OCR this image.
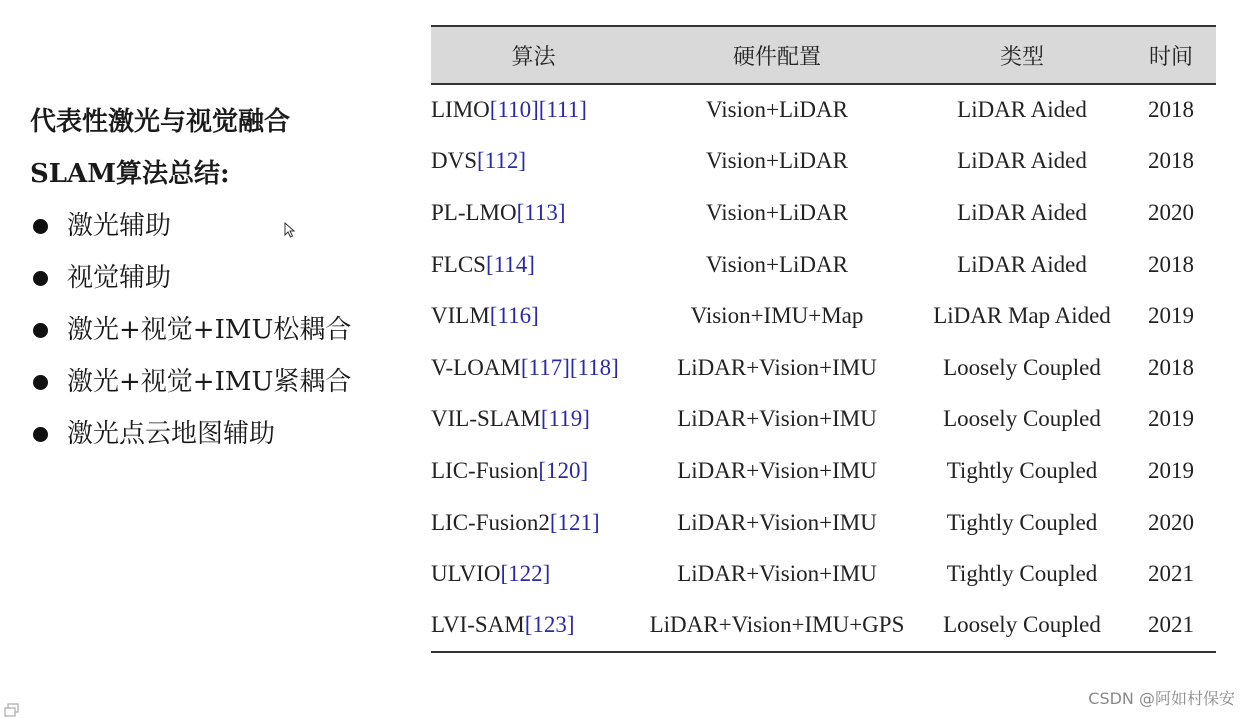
代表性激光与视觉融合

SLAM算法总结:

激光辅助
视觉辅助
激光+视觉+IMU松耦合
激光+视觉+IMU紧耦合
激光点云地图辅助
算法	硬件配置	类型	时间
LIMO[110][111]	Vision+LiDAR	LiDAR Aided	2018
DVS[112]	Vision+LiDAR	LiDAR Aided	2018
PL-LMO[113]	Vision+LiDAR	LiDAR Aided	2020
FLCS[114]	Vision+LiDAR	LiDAR Aided	2018
VILM[116]	Vision+IMU+Map	LiDAR Map Aided	2019
V-LOAM[117][118]	LiDAR+Vision+IMU	Loosely Coupled	2018
VIL-SLAM[119]	LiDAR+Vision+IMU	Loosely Coupled	2019
LIC-Fusion[120]	LiDAR+Vision+IMU	Tightly Coupled	2019
LIC-Fusion2[121]	LiDAR+Vision+IMU	Tightly Coupled	2020
ULVIO[122]	LiDAR+Vision+IMU	Tightly Coupled	2021
LVI-SAM[123]	LiDAR+Vision+IMU+GPS	Loosely Coupled	2021
CSDN @阿如村保安
